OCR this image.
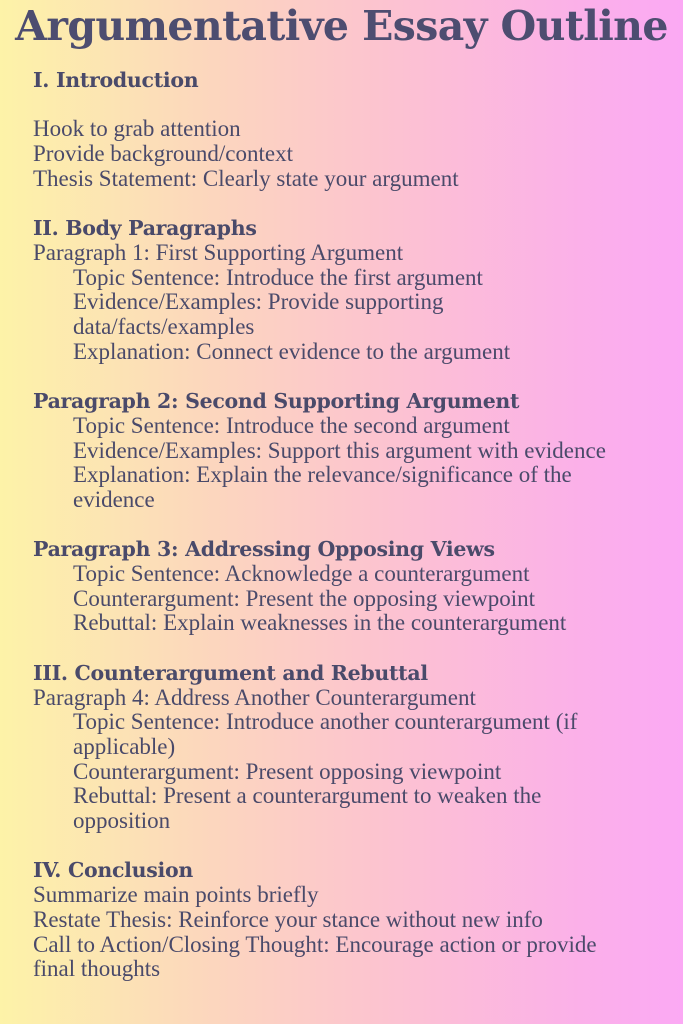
Argumentative Essay Outline
I. Introduction
Hook to grab attention
Provide background/context
Thesis Statement: Clearly state your argument
II. Body Paragraphs
Paragraph 1: First Supporting Argument
Topic Sentence: Introduce the first argument
Evidence/Examples: Provide supporting
data/facts/examples
Explanation: Connect evidence to the argument
Paragraph 2: Second Supporting Argument
Topic Sentence: Introduce the second argument
Evidence/Examples: Support this argument with evidence
Explanation: Explain the relevance/significance of the
evidence
Paragraph 3: Addressing Opposing Views
Topic Sentence: Acknowledge a counterargument
Counterargument: Present the opposing viewpoint
Rebuttal: Explain weaknesses in the counterargument
III. Counterargument and Rebuttal
Paragraph 4: Address Another Counterargument
Topic Sentence: Introduce another counterargument (if
applicable)
Counterargument: Present opposing viewpoint
Rebuttal: Present a counterargument to weaken the
opposition
IV. Conclusion
Summarize main points briefly
Restate Thesis: Reinforce your stance without new info
Call to Action/Closing Thought: Encourage action or provide
final thoughts
